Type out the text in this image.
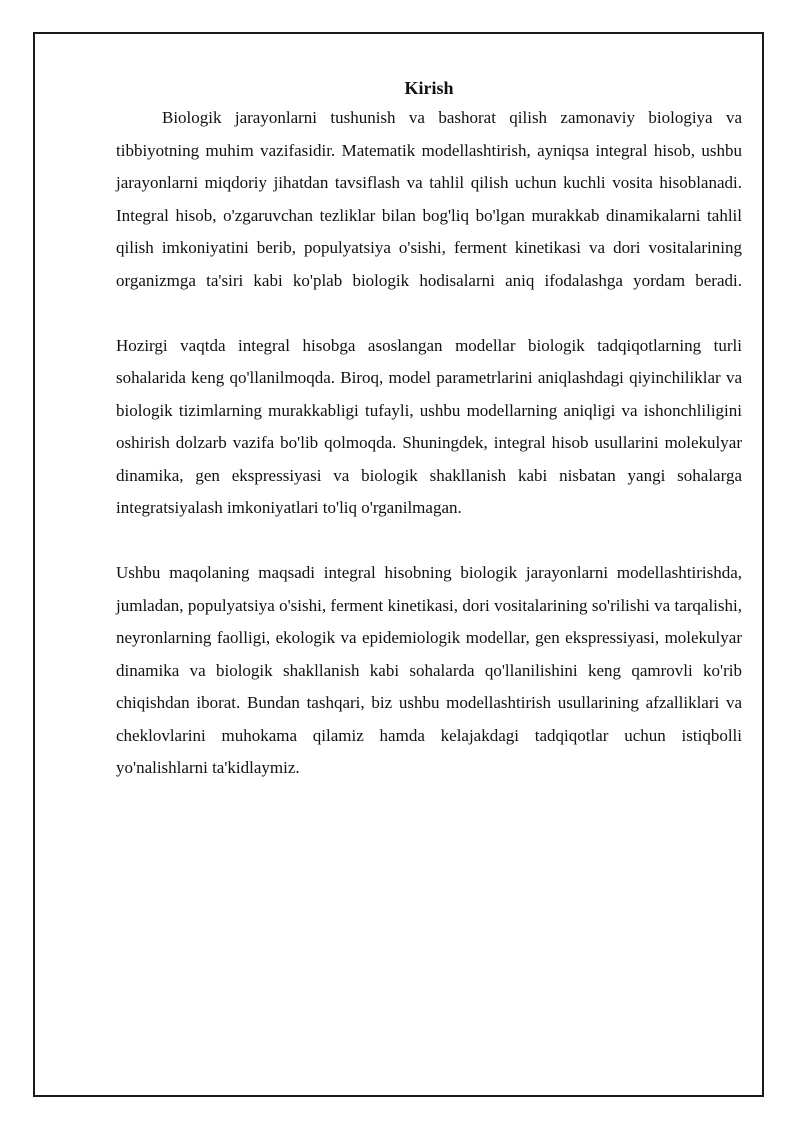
Kirish

Biologik jarayonlarni tushunish va bashorat qilish zamonaviy biologiya va tibbiyotning muhim vazifasidir. Matematik modellashtirish, ayniqsa integral hisob, ushbu jarayonlarni miqdoriy jihatdan tavsiflash va tahlil qilish uchun kuchli vosita hisoblanadi. Integral hisob, o'zgaruvchan tezliklar bilan bog'liq bo'lgan murakkab dinamikalarni tahlil qilish imkoniyatini berib, populyatsiya o'sishi, ferment kinetikasi va dori vositalarining organizmga ta'siri kabi ko'plab biologik hodisalarni aniq ifodalashga yordam beradi.

Hozirgi vaqtda integral hisobga asoslangan modellar biologik tadqiqotlarning turli sohalarida keng qo'llanilmoqda. Biroq, model parametrlarini aniqlashdagi qiyinchiliklar va biologik tizimlarning murakkabligi tufayli, ushbu modellarning aniqligi va ishonchliligini oshirish dolzarb vazifa bo'lib qolmoqda. Shuningdek, integral hisob usullarini molekulyar dinamika, gen ekspressiyasi va biologik shakllanish kabi nisbatan yangi sohalarga integratsiyalash imkoniyatlari to'liq o'rganilmagan.

Ushbu maqolaning maqsadi integral hisobning biologik jarayonlarni modellashtirishda, jumladan, populyatsiya o'sishi, ferment kinetikasi, dori vositalarining so'rilishi va tarqalishi, neyronlarning faolligi, ekologik va epidemiologik modellar, gen ekspressiyasi, molekulyar dinamika va biologik shakllanish kabi sohalarda qo'llanilishini keng qamrovli ko'rib chiqishdan iborat. Bundan tashqari, biz ushbu modellashtirish usullarining afzalliklari va cheklovlarini muhokama qilamiz hamda kelajakdagi tadqiqotlar uchun istiqbolli yo'nalishlarni ta'kidlaymiz.
